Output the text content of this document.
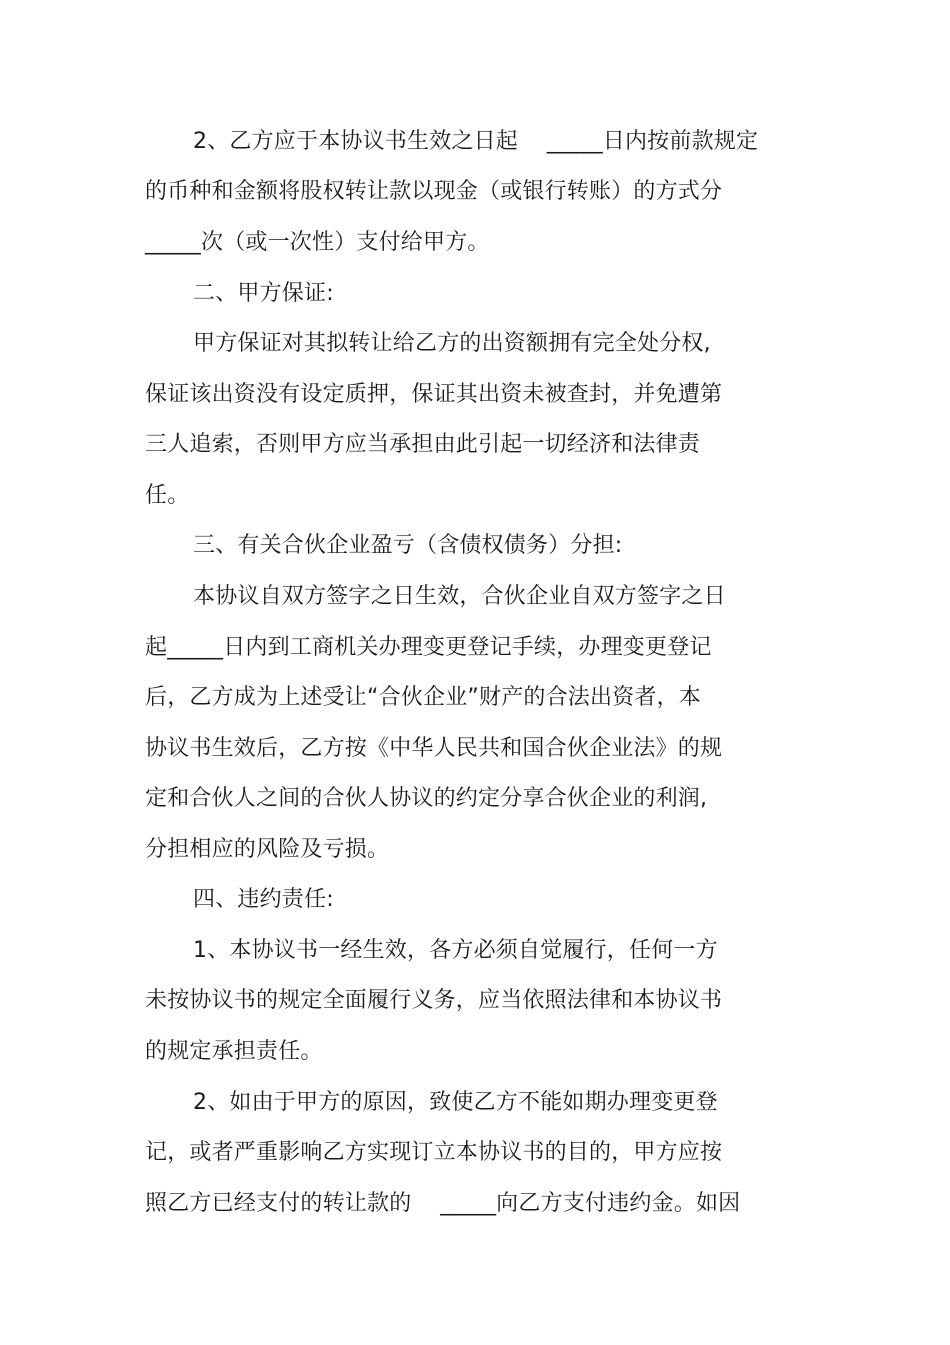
2、乙方应于本协议书生效之日起    _____日内按前款规定
的币种和金额将股权转让款以现金（或银行转账）的方式分
_____次（或一次性）支付给甲方。
二、甲方保证:
甲方保证对其拟转让给乙方的出资额拥有完全处分权,
保证该出资没有设定质押，保证其出资未被查封，并免遭第
三人追索，否则甲方应当承担由此引起一切经济和法律责
任。
三、有关合伙企业盈亏（含债权债务）分担:
本协议自双方签字之日生效，合伙企业自双方签字之日
起_____日内到工商机关办理变更登记手续，办理变更登记
后，乙方成为上述受让“合伙企业”财产的合法出资者，本
协议书生效后，乙方按《中华人民共和国合伙企业法》的规
定和合伙人之间的合伙人协议的约定分享合伙企业的利润,
分担相应的风险及亏损。
四、违约责任:
1、本协议书一经生效，各方必须自觉履行，任何一方
未按协议书的规定全面履行义务，应当依照法律和本协议书
的规定承担责任。
2、如由于甲方的原因，致使乙方不能如期办理变更登
记，或者严重影响乙方实现订立本协议书的目的，甲方应按
照乙方已经支付的转让款的    _____向乙方支付违约金。如因
